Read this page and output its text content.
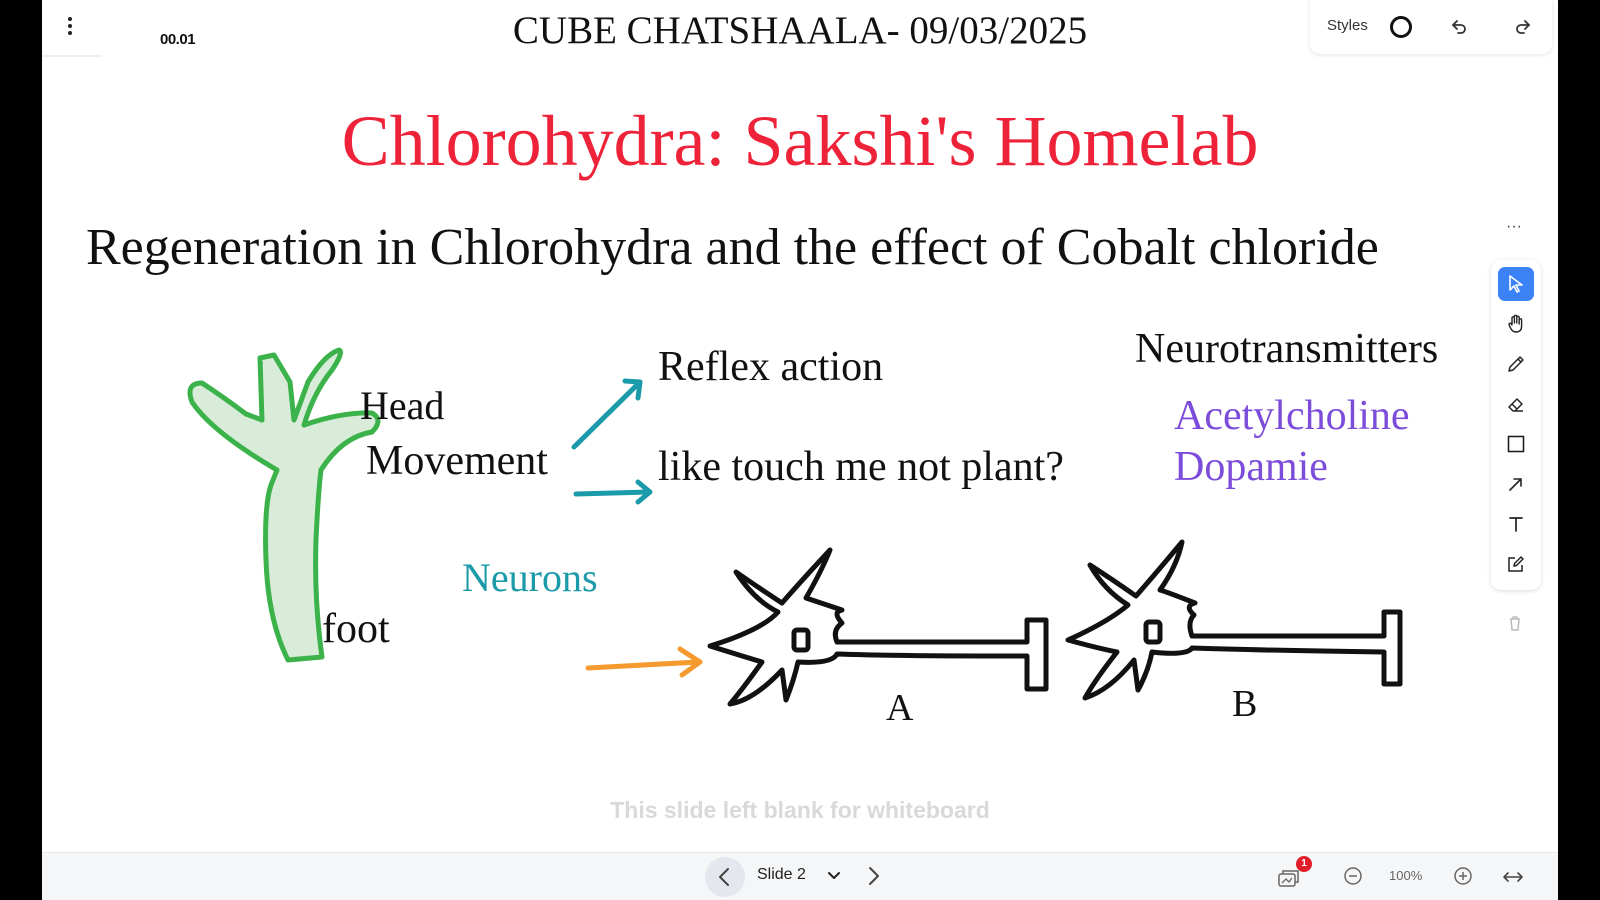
00.01	CUBE CHATSHAALA- 09/03/2025	Styles
Chlorohydra: Sakshi's Homelab
Regeneration in Chlorohydra and the effect of Cobalt chloride
Head
Movement
Reflex action
like touch me not plant?
Neurotransmitters
Acetylcholine
Dopamie
Neurons
foot
A	B
This slide left blank for whiteboard
···
Slide 2
1
100%
